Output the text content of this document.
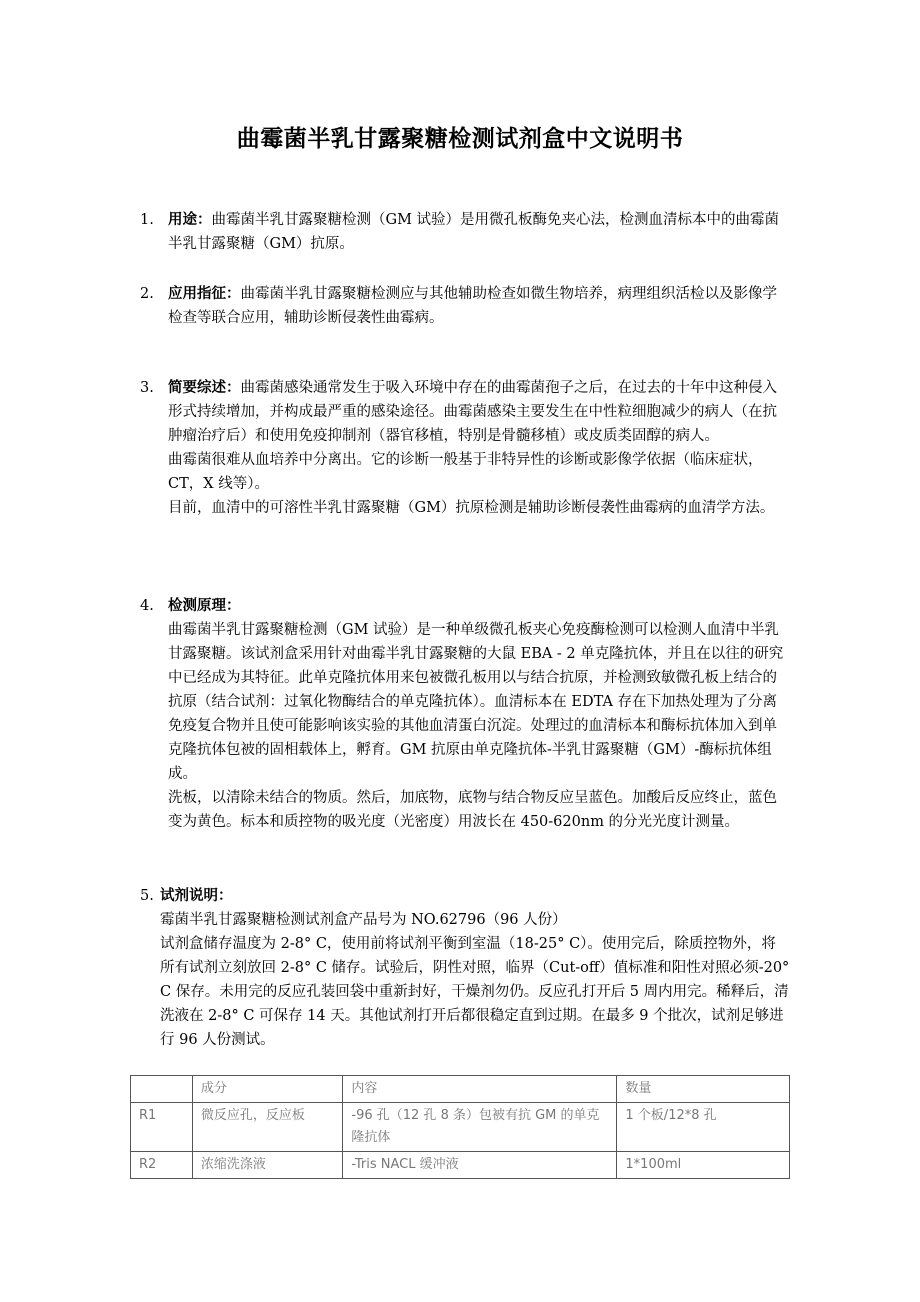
曲霉菌半乳甘露聚糖检测试剂盒中文说明书
1. 用途：曲霉菌半乳甘露聚糖检测（GM 试验）是用微孔板酶免夹心法，检测血清标本中的曲霉菌半乳甘露聚糖（GM）抗原。

2. 应用指征：曲霉菌半乳甘露聚糖检测应与其他辅助检查如微生物培养，病理组织活检以及影像学检查等联合应用，辅助诊断侵袭性曲霉病。

3. 简要综述：曲霉菌感染通常发生于吸入环境中存在的曲霉菌孢子之后，在过去的十年中这种侵入形式持续增加，并构成最严重的感染途径。曲霉菌感染主要发生在中性粒细胞减少的病人（在抗肿瘤治疗后）和使用免疫抑制剂（器官移植，特别是骨髓移植）或皮质类固醇的病人。

曲霉菌很难从血培养中分离出。它的诊断一般基于非特异性的诊断或影像学依据（临床症状，CT，X 线等）。

目前，血清中的可溶性半乳甘露聚糖（GM）抗原检测是辅助诊断侵袭性曲霉病的血清学方法。

4. 检测原理：

曲霉菌半乳甘露聚糖检测（GM 试验）是一种单级微孔板夹心免疫酶检测可以检测人血清中半乳甘露聚糖。该试剂盒采用针对曲霉半乳甘露聚糖的大鼠 EBA - 2 单克隆抗体，并且在以往的研究中已经成为其特征。此单克隆抗体用来包被微孔板用以与结合抗原，并检测致敏微孔板上结合的抗原（结合试剂：过氧化物酶结合的单克隆抗体）。血清标本在 EDTA 存在下加热处理为了分离免疫复合物并且使可能影响该实验的其他血清蛋白沉淀。处理过的血清标本和酶标抗体加入到单克隆抗体包被的固相载体上，孵育。GM 抗原由单克隆抗体-半乳甘露聚糖（GM）-酶标抗体组成。

洗板，以清除未结合的物质。然后，加底物，底物与结合物反应呈蓝色。加酸后反应终止，蓝色变为黄色。标本和质控物的吸光度（光密度）用波长在 450-620nm 的分光光度计测量。

5. 试剂说明：

霉菌半乳甘露聚糖检测试剂盒产品号为 NO.62796（96 人份）

试剂盒储存温度为 2-8° C，使用前将试剂平衡到室温（18-25° C）。使用完后，除质控物外，将所有试剂立刻放回 2-8° C 储存。试验后，阴性对照，临界（Cut-off）值标准和阳性对照必须-20° C 保存。未用完的反应孔装回袋中重新封好，干燥剂勿仍。反应孔打开后 5 周内用完。稀释后，清洗液在 2-8° C 可保存 14 天。其他试剂打开后都很稳定直到过期。在最多 9 个批次，试剂足够进行 96 人份测试。

	成分	内容	数量
R1	微反应孔，反应板	-96 孔（12 孔 8 条）包被有抗 GM 的单克隆抗体	1 个板/12*8 孔
R2	浓缩洗涤液	-Tris NACL 缓冲液	1*100ml
